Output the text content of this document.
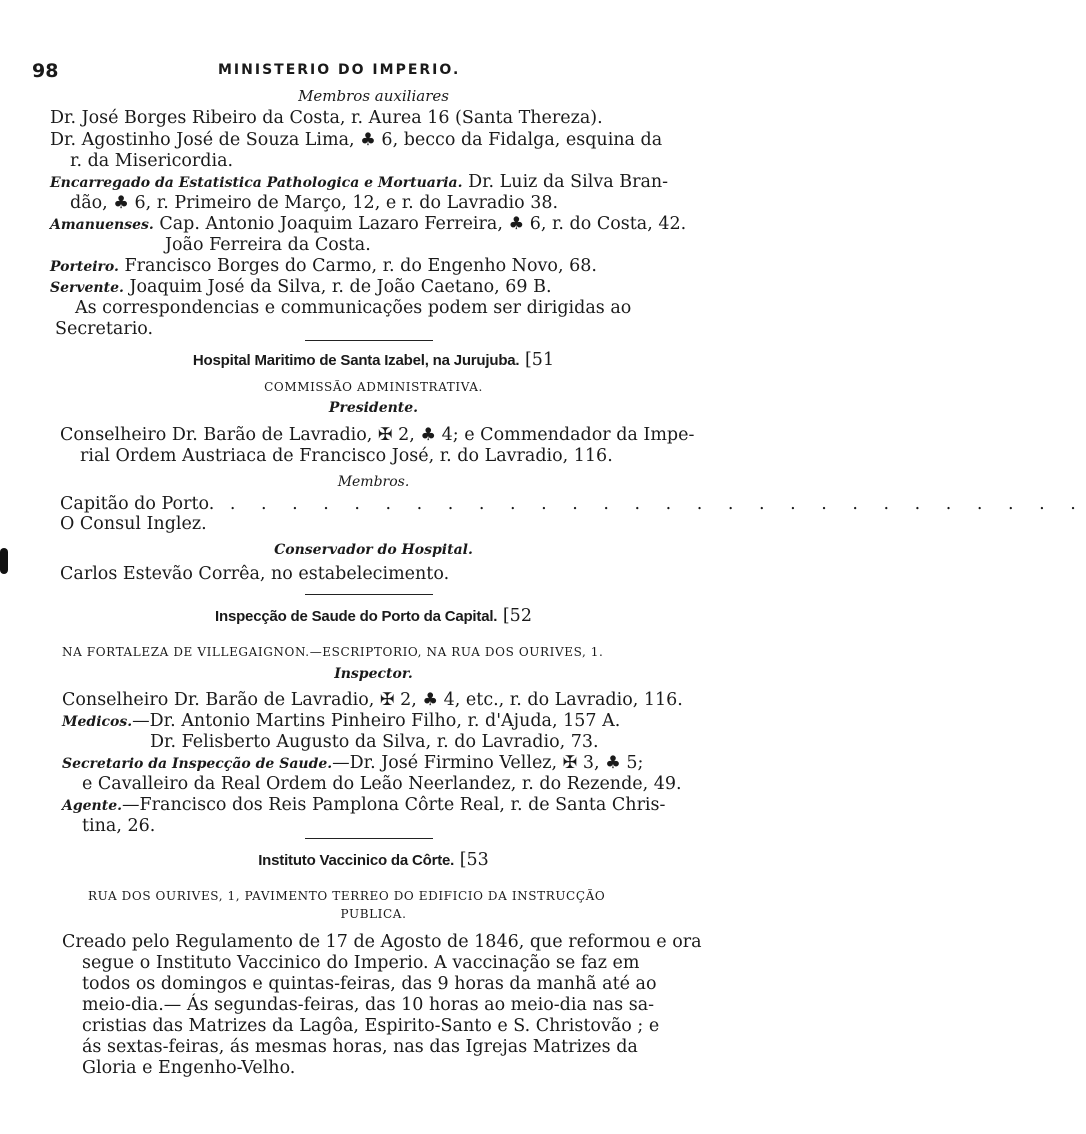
98	MINISTERIO DO IMPERIO.
Membros auxiliares
Dr. José Borges Ribeiro da Costa, r. Aurea 16 (Santa Thereza).
Dr. Agostinho José de Souza Lima, ♣ 6, becco da Fidalga, esquina da
r. da Misericordia.
Encarregado da Estatistica Pathologica e Mortuaria. Dr. Luiz da Silva Bran-
dão, ♣ 6, r. Primeiro de Março, 12, e r. do Lavradio 38.
Amanuenses. Cap. Antonio Joaquim Lazaro Ferreira, ♣ 6, r. do Costa, 42.
João Ferreira da Costa.
Porteiro. Francisco Borges do Carmo, r. do Engenho Novo, 68.
Servente. Joaquim José da Silva, r. de João Caetano, 69 B.
As correspondencias e communicações podem ser dirigidas ao
Secretario.
Hospital Maritimo de Santa Izabel, na Jurujuba. [51
COMMISSÃO ADMINISTRATIVA.
Presidente.
Conselheiro Dr. Barão de Lavradio, ✠ 2, ♣ 4; e Commendador da Impe-
rial Ordem Austriaca de Francisco José, r. do Lavradio, 116.
Membros.
Capitão do Porto. . . . . . . . . . . . . . . . . . . . . . . . . . . . .
O Consul Inglez.
Conservador do Hospital.
Carlos Estevão Corrêa, no estabelecimento.
Inspecção de Saude do Porto da Capital. [52
NA FORTALEZA DE VILLEGAIGNON.—ESCRIPTORIO, NA RUA DOS OURIVES, 1.
Inspector.
Conselheiro Dr. Barão de Lavradio, ✠ 2, ♣ 4, etc., r. do Lavradio, 116.
Medicos.—Dr. Antonio Martins Pinheiro Filho, r. d'Ajuda, 157 A.
Dr. Felisberto Augusto da Silva, r. do Lavradio, 73.
Secretario da Inspecção de Saude.—Dr. José Firmino Vellez, ✠ 3, ♣ 5;
e Cavalleiro da Real Ordem do Leão Neerlandez, r. do Rezende, 49.
Agente.—Francisco dos Reis Pamplona Côrte Real, r. de Santa Chris-
tina, 26.
Instituto Vaccinico da Côrte. [53
RUA DOS OURIVES, 1, PAVIMENTO TERREO DO EDIFICIO DA INSTRUCÇÃO
PUBLICA.
Creado pelo Regulamento de 17 de Agosto de 1846, que reformou e ora
segue o Instituto Vaccinico do Imperio. A vaccinação se faz em
todos os domingos e quintas-feiras, das 9 horas da manhã até ao
meio-dia.— Ás segundas-feiras, das 10 horas ao meio-dia nas sa-
cristias das Matrizes da Lagôa, Espirito-Santo e S. Christovão ; e
ás sextas-feiras, ás mesmas horas, nas das Igrejas Matrizes da
Gloria e Engenho-Velho.
